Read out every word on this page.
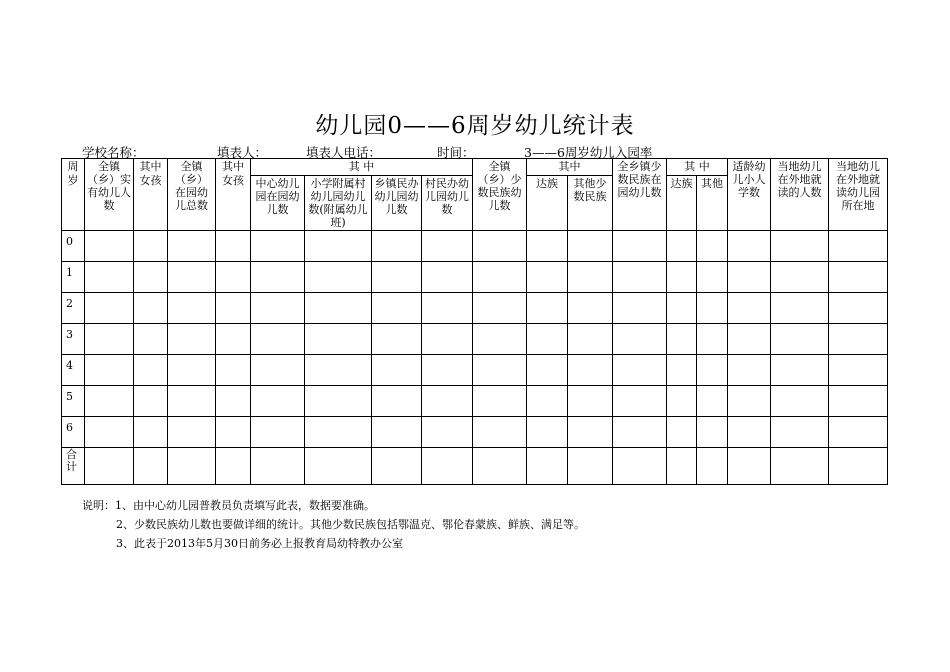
幼儿园0——6周岁幼儿统计表
学校名称：	填表人：	填表人电话：	时间：	3——6周岁幼儿入园率
周岁	全镇（乡）实有幼儿人数	其中女孩	全镇（乡）在园幼儿总数	其中女孩	其 中				全镇（乡）少数民族幼儿数	其中		全乡镇少数民族在园幼儿数	其 中		适龄幼儿小人学数	当地幼儿在外地就读的人数	当地幼儿在外地就读幼儿园所在地
					中心幼儿园在园幼儿数	小学附属村幼儿园幼儿数(附属幼儿班)	乡镇民办幼儿园幼儿数	村民办幼儿园幼儿数		达族	其他少数民族		达族	其他			
0																	
1																	
2																	
3																	
4																	
5																	
6																	
合计																	
说明：1、由中心幼儿园普教员负责填写此表，数据要准确。
2、少数民族幼儿数也要做详细的统计。其他少数民族包括鄂温克、鄂伦春蒙族、鲜族、满足等。
3、此表于2013年5月30日前务必上报教育局幼特教办公室
